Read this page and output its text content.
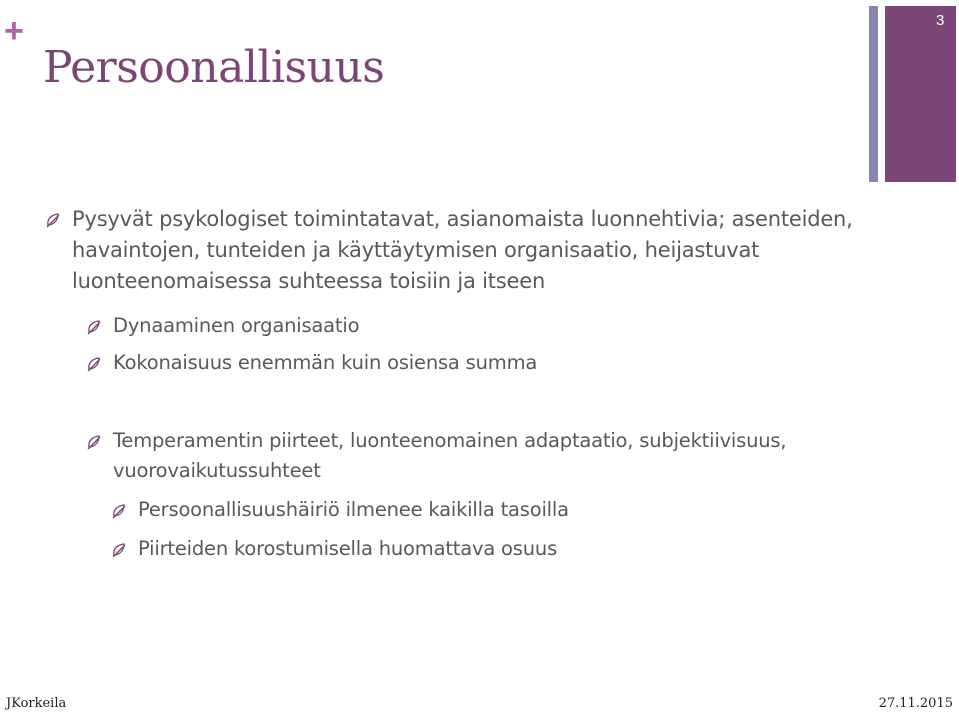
+
Persoonallisuus
3
Pysyvät psykologiset toimintatavat, asianomaista luonnehtivia; asenteiden, havaintojen, tunteiden ja käyttäytymisen organisaatio, heijastuvat luonteenomaisessa suhteessa toisiin ja itseen
Dynaaminen organisaatio
Kokonaisuus enemmän kuin osiensa summa
Temperamentin piirteet, luonteenomainen adaptaatio, subjektiivisuus, vuorovaikutussuhteet
Persoonallisuushäiriö ilmenee kaikilla tasoilla
Piirteiden korostumisella huomattava osuus
JKorkeila	27.11.2015
